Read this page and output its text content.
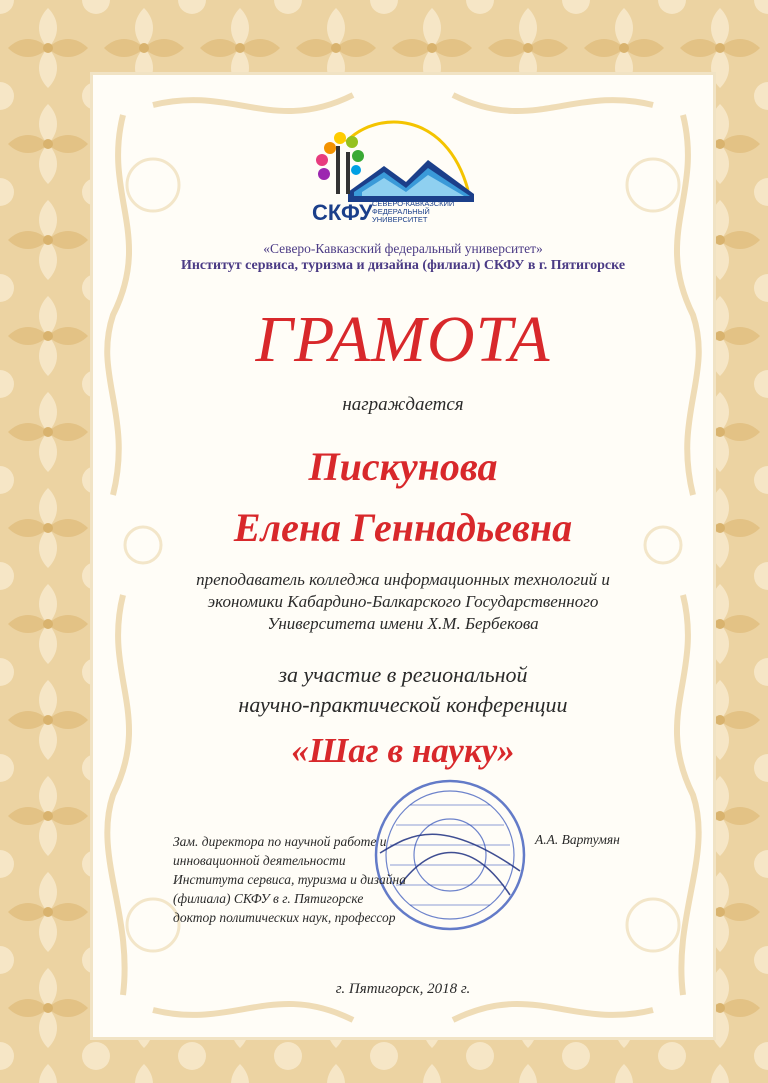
СКФУ СЕВЕРО-КАВКАЗСКИЙ
ФЕДЕРАЛЬНЫЙ
УНИВЕРСИТЕТ
«Северо-Кавказский федеральный университет»
Институт сервиса, туризма и дизайна (филиал) СКФУ в г. Пятигорске
ГРАМОТА
награждается
Пискунова
Елена Геннадьевна
преподаватель колледжа информационных технологий и
экономики Кабардино-Балкарского Государственного
Университета имени Х.М. Бербекова
за участие в региональной
научно-практической конференции
«Шаг в науку»
Зам. директора по научной работе и
инновационной деятельности
Института сервиса, туризма и дизайна
(филиала) СКФУ в г. Пятигорске
доктор политических наук, профессор
А.А. Вартумян
г. Пятигорск, 2018 г.
